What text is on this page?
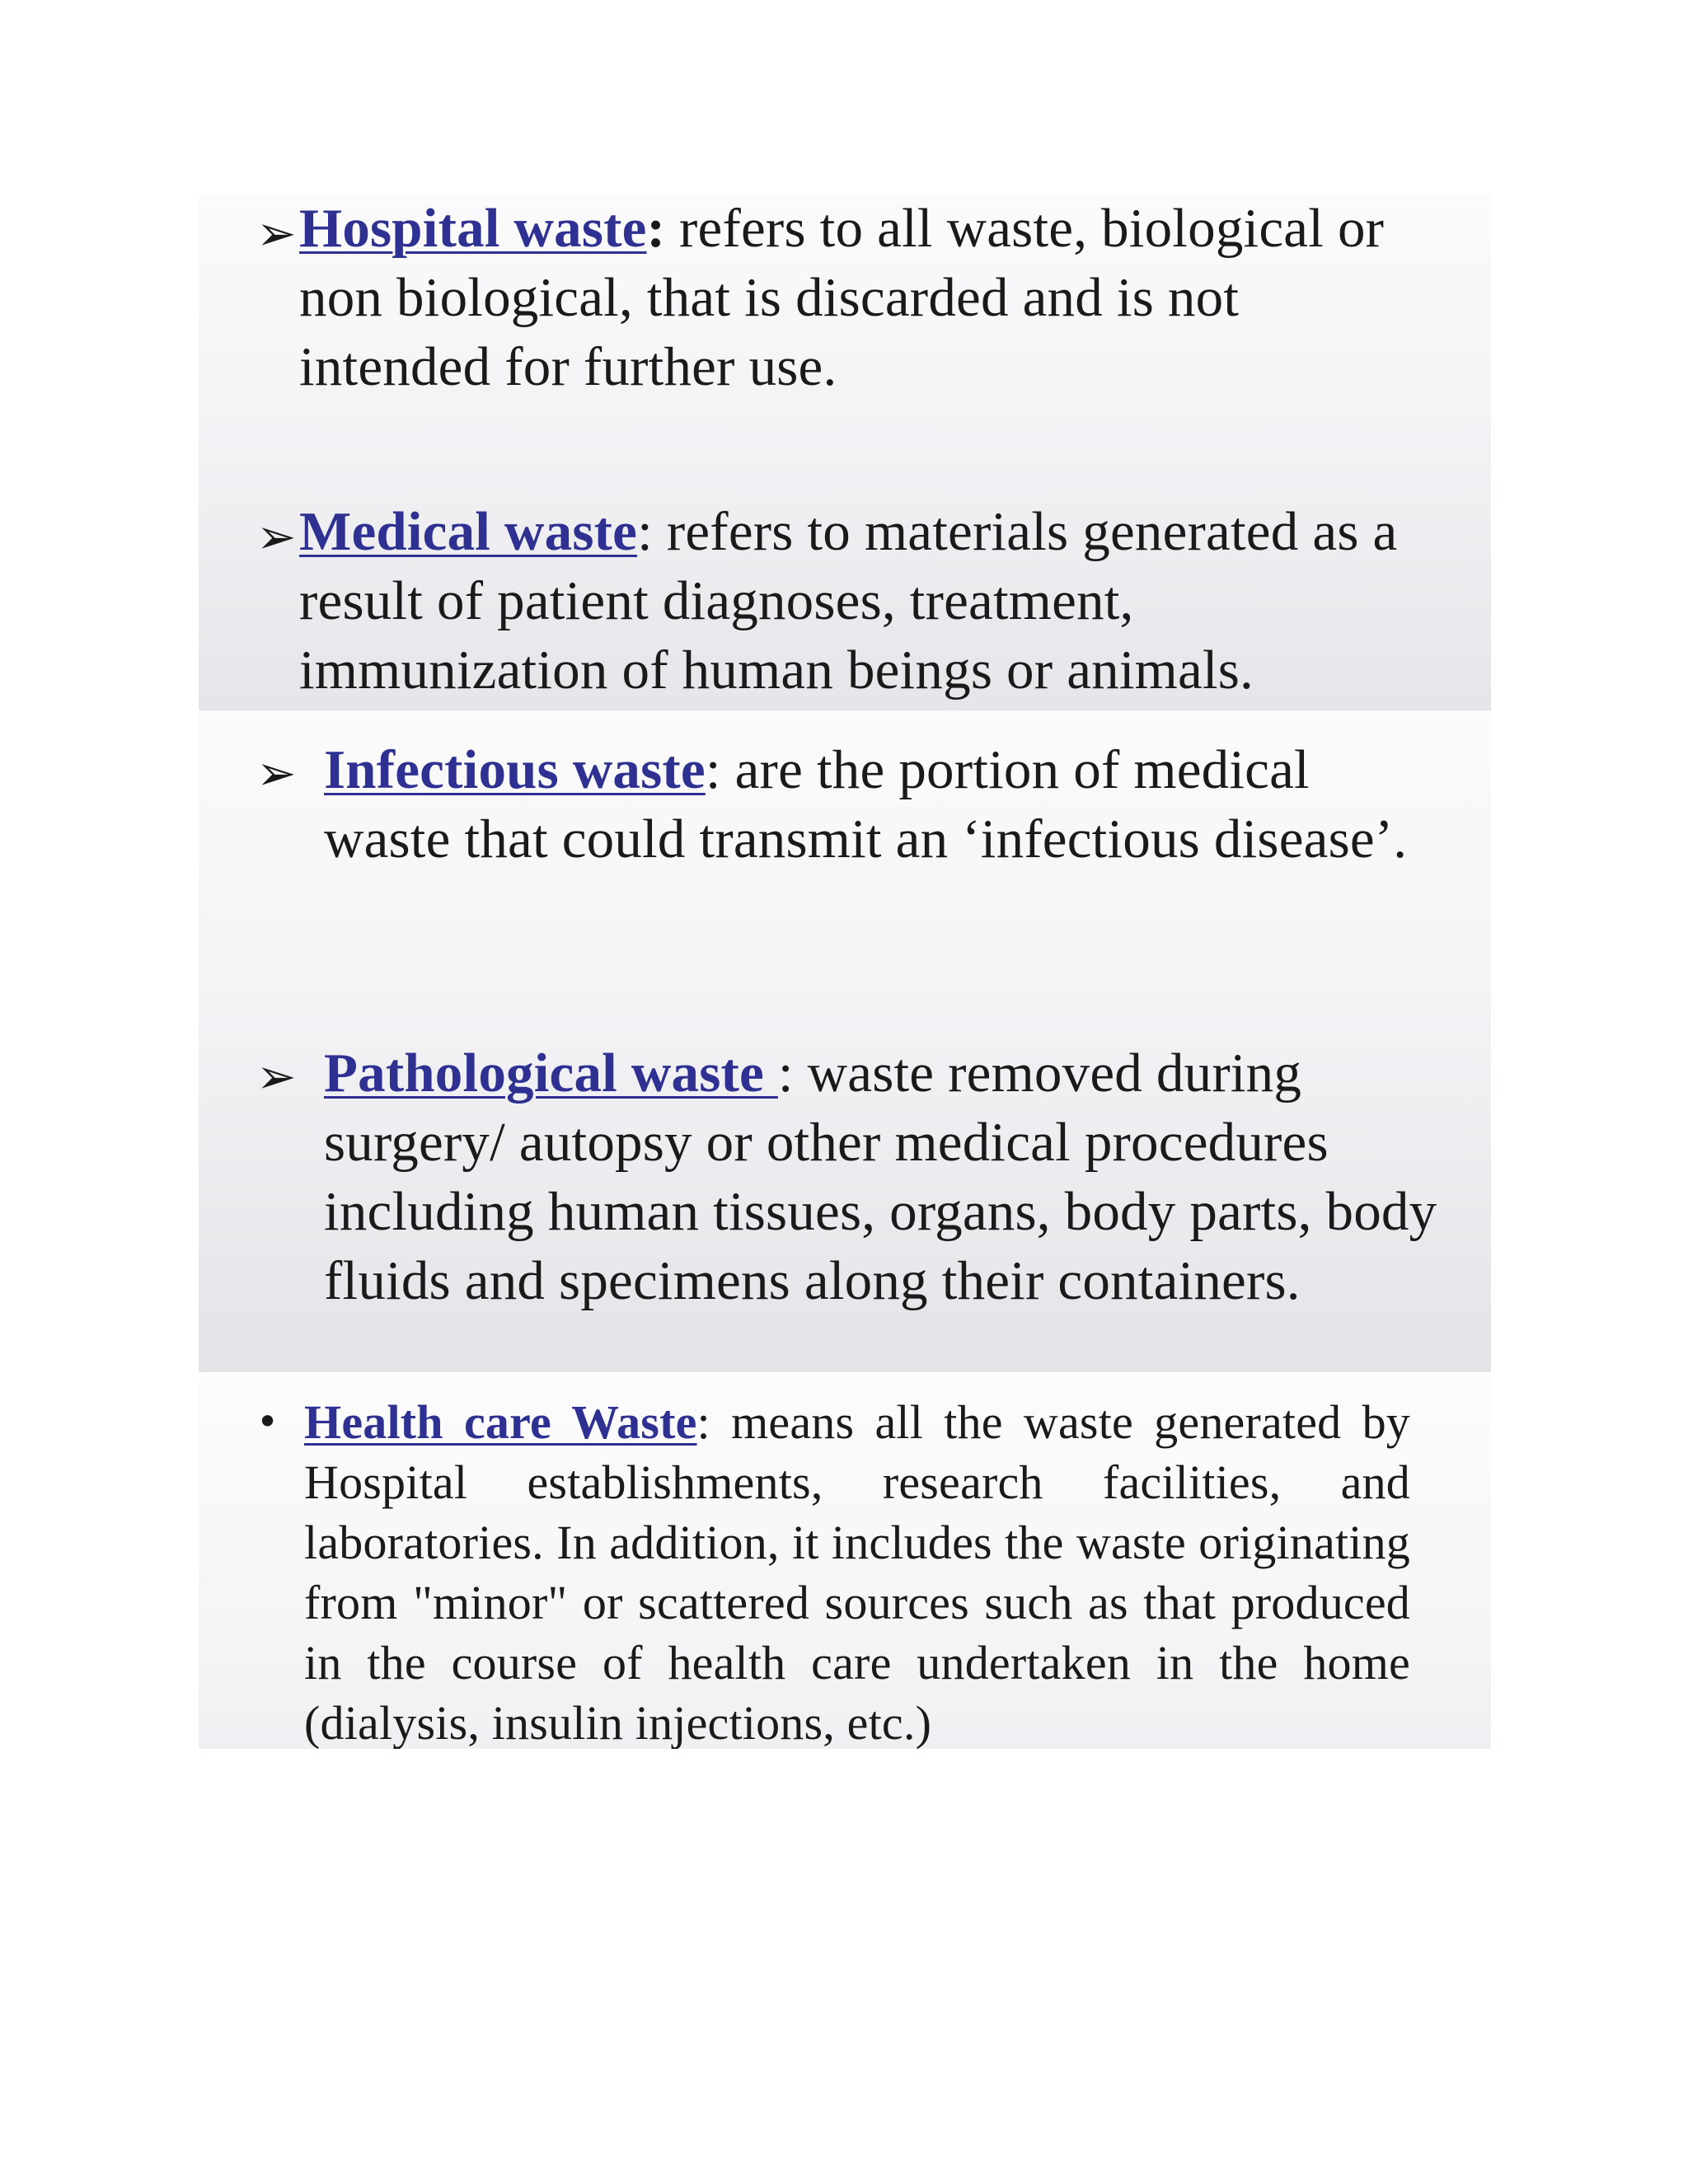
➢ Hospital waste: refers to all waste, biological or non biological, that is discarded and is not intended for further use.
➢ Medical waste: refers to materials generated as a result of patient diagnoses, treatment, immunization of human beings or animals.
➢ Infectious waste: are the portion of medical waste that could transmit an ‘infectious disease’.
➢ Pathological waste : waste removed during surgery/ autopsy or other medical procedures including human tissues, organs, body parts, body fluids and specimens along their containers.
• Health care Waste: means all the waste generated by Hospital establishments, research facilities, and laboratories. In addition, it includes the waste originating from "minor" or scattered sources such as that produced in the course of health care undertaken in the home (dialysis, insulin injections, etc.)
